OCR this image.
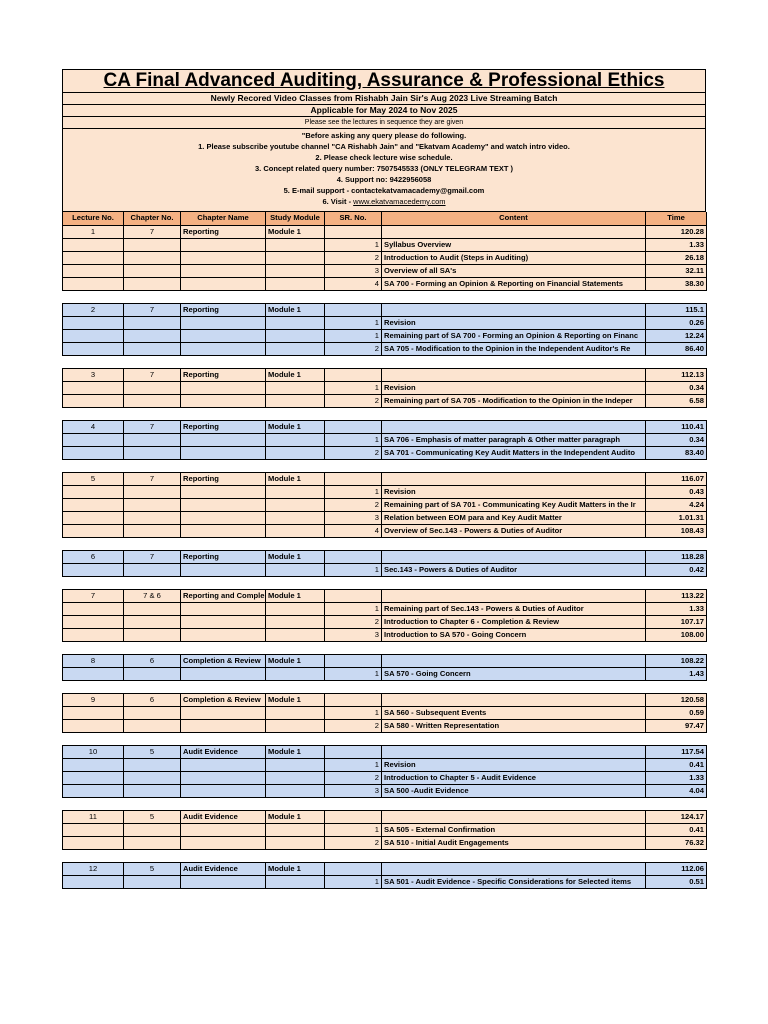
CA Final Advanced Auditing, Assurance & Professional Ethics
Newly Recored Video Classes from Rishabh Jain Sir's Aug 2023 Live Streaming Batch
Applicable for May 2024 to Nov 2025
Please see the lectures in sequence they are given
"Before asking any query please do following.
1. Please subscribe youtube channel "CA Rishabh Jain" and "Ekatvam Academy" and watch intro video.
2. Please check lecture wise schedule.
3. Concept related query number: 7507545533 (ONLY TELEGRAM TEXT )
4. Support no: 9422956058
5. E-mail support - contactekatvamacademy@gmail.com
6. Visit - www.ekatvamacedemy.com
Lecture No.	Chapter No.	Chapter Name	Study Module	SR. No.	Content	Time
1	7	Reporting	Module 1			120.28
				1	Syllabus Overview	1.33
				2	Introduction to Audit (Steps in Auditing)	26.18
				3	Overview of all SA's	32.11
				4	SA 700 - Forming an Opinion & Reporting on Financial Statements	38.30

2	7	Reporting	Module 1			115.1
				1	Revision	0.26
				1	Remaining part of SA 700 - Forming an Opinion & Reporting on Financ	12.24
				2	SA 705 - Modification to the Opinion in the Independent Auditor's Re	86.40

3	7	Reporting	Module 1			112.13
				1	Revision	0.34
				2	Remaining part of SA 705 - Modification to the Opinion in the Indeper	6.58

4	7	Reporting	Module 1			110.41
				1	SA 706 - Emphasis of matter paragraph & Other matter paragraph	0.34
				2	SA 701 - Communicating Key Audit Matters in the Independent Audito	83.40

5	7	Reporting	Module 1			116.07
				1	Revision	0.43
				2	Remaining part of SA 701 - Communicating Key Audit Matters in the Ir	4.24
				3	Relation between EOM para and Key Audit Matter	1.01.31
				4	Overview of Sec.143 - Powers & Duties of Auditor	108.43

6	7	Reporting	Module 1			118.28
				1	Sec.143 - Powers & Duties of Auditor	0.42

7	7 & 6	Reporting and Comple	Module 1			113.22
				1	Remaining part of Sec.143 - Powers & Duties of Auditor	1.33
				2	Introduction to Chapter 6 - Completion & Review	107.17
				3	Introduction to SA 570 - Going Concern	108.00

8	6	Completion & Review	Module 1			108.22
				1	SA 570 - Going Concern	1.43

9	6	Completion & Review	Module 1			120.58
				1	SA 560 - Subsequent Events	0.59
				2	SA 580 - Written Representation	97.47

10	5	Audit Evidence	Module 1			117.54
				1	Revision	0.41
				2	Introduction to Chapter 5 - Audit Evidence	1.33
				3	SA 500 -Audit Evidence	4.04

11	5	Audit Evidence	Module 1			124.17
				1	SA 505 - External Confirmation	0.41
				2	SA 510 - Initial Audit Engagements	76.32

12	5	Audit Evidence	Module 1			112.06
				1	SA 501 - Audit Evidence - Specific Considerations for Selected items	0.51
